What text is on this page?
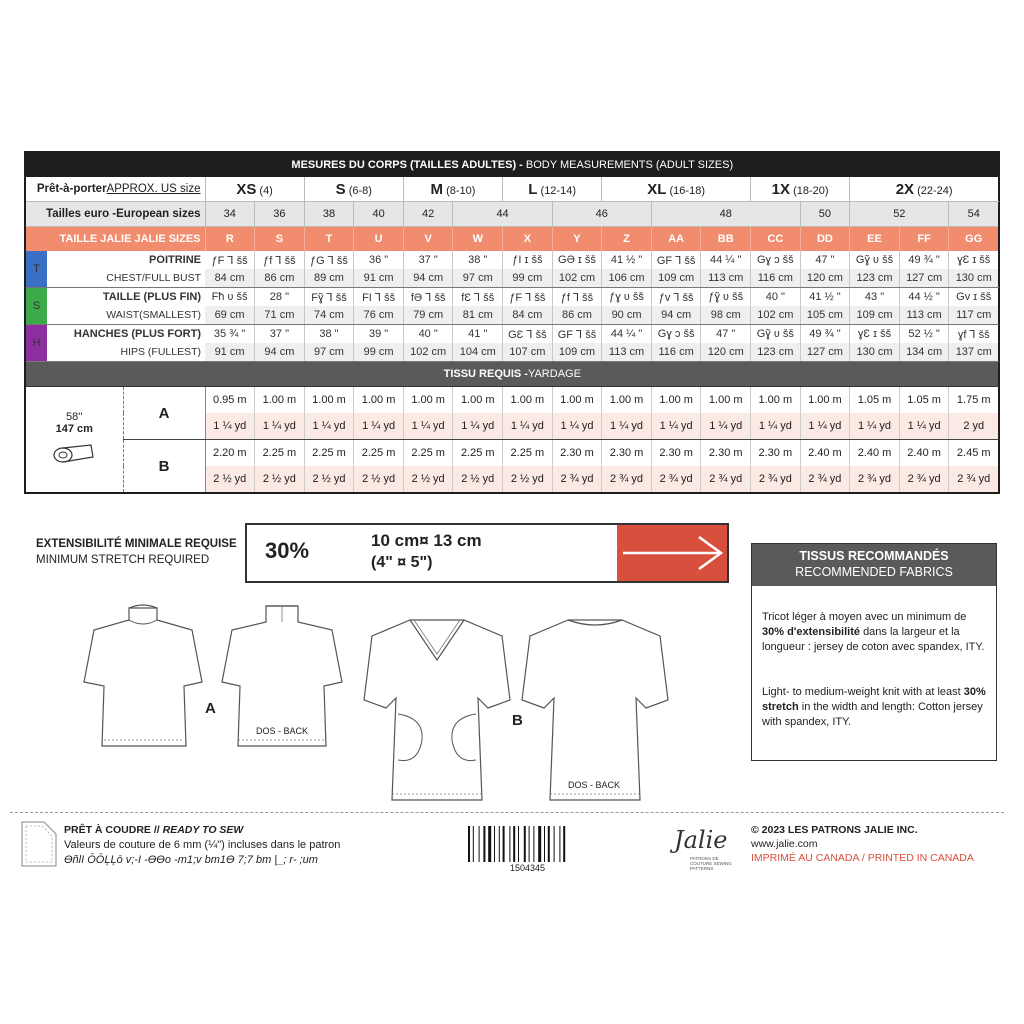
MESURES DU CORPS (TAILLES ADULTES) - BODY MEASUREMENTS (ADULT SIZES)																			
Prêt-à-porterAPPROX. US size			XS (4)		S (6-8)		M (8-10)		L (12-14)		XL (16-18)			1X (18-20)		2X (22-24)			
Tailles euro -European sizes			34	36	38	40	42	44		46		48			50	52		54	
TAILLE JALIE JALIE SIZES			R	S	T	U	V	W	X	Y	Z	AA	BB	CC	DD	EE	FF	GG	
T	POITRINE		ƒF ⅂ šš	ƒf ⅂ šš	ƒG ⅂ šš	36 "	37 "	38 "	ƒI ɪ šš	GƏ ɪ šš	41 ½ "	GF ⅂ šš	44 ¼ "	Gɣ ɔ šš	47 "	Gɣ̃ ʋ šš	49 ¾ "	ɣƐ ɪ šš	
	CHEST/FULL BUST		84 cm	86 cm	89 cm	91 cm	94 cm	97 cm	99 cm	102 cm	106 cm	109 cm	113 cm	116 cm	120 cm	123 cm	127 cm	130 cm	
S	TAILLE (PLUS FIN)		Fħ ʋ šš	28 "	Fɣ̃ ⅂ šš	FI ⅂ šš	fƏ ⅂ šš	fƐ ⅂ šš	ƒF ⅂ šš	ƒf ⅂ šš	ƒɣ ʋ šš	ƒv ⅂ šš	ƒɣ̃ ʋ šš	40 "	41 ½ "	43 "	44 ½ "	Gv ɪ šš	
	WAIST(SMALLEST)		69 cm	71 cm	74 cm	76 cm	79 cm	81 cm	84 cm	86 cm	90 cm	94 cm	98 cm	102 cm	105 cm	109 cm	113 cm	117 cm	
H	HANCHES (PLUS FORT)		35 ¾ "	37 "	38 "	39 "	40 "	41 "	GƐ ⅂ šš	GF ⅂ šš	44 ¼ "	Gɣ ɔ šš	47 "	Gɣ̃ ʋ šš	49 ¾ "	ɣƐ ɪ šš	52 ½ "	ɣf ⅂ šš	
	HIPS (FULLEST)		91 cm	94 cm	97 cm	99 cm	102 cm	104 cm	107 cm	109 cm	113 cm	116 cm	120 cm	123 cm	127 cm	130 cm	134 cm	137 cm	
TISSU REQUIS -YARDAGE																			

58''
147 cm		A	0.95 m	1.00 m	1.00 m	1.00 m	1.00 m	1.00 m	1.00 m	1.00 m	1.00 m	1.00 m	1.00 m	1.00 m	1.00 m	1.05 m	1.05 m	1.75 m	
			1 ¼ yd	1 ¼ yd	1 ¼ yd	1 ¼ yd	1 ¼ yd	1 ¼ yd	1 ¼ yd	1 ¼ yd	1 ¼ yd	1 ¼ yd	1 ¼ yd	1 ¼ yd	1 ¼ yd	1 ¼ yd	1 ¼ yd	2 yd	
		B	2.20 m	2.25 m	2.25 m	2.25 m	2.25 m	2.25 m	2.25 m	2.30 m	2.30 m	2.30 m	2.30 m	2.30 m	2.40 m	2.40 m	2.40 m	2.45 m	
			2 ½ yd	2 ½ yd	2 ½ yd	2 ½ yd	2 ½ yd	2 ½ yd	2 ½ yd	2 ¾ yd	2 ¾ yd	2 ¾ yd	2 ¾ yd	2 ¾ yd	2 ¾ yd	2 ¾ yd	2 ¾ yd	2 ¾ yd	
EXTENSIBILITÉ MINIMALE REQUISE
MINIMUM STRETCH REQUIRED	30%	10 cm¤ 13 cm
(4" ¤ 5")	TISSUS RECOMMANDÉS
RECOMMENDED FABRICS
Tricot léger à moyen avec un minimum de 30% d'extensibilité dans la largeur et la longueur : jersey de coton avec spandex, ITY.
Light- to medium-weight knit with at least 30% stretch in the width and length: Cotton jersey with spandex, ITY.
A
DOS - BACK
B
DOS - BACK
PRÊT À COUDRE // READY TO SEW
Valeurs de couture de 6 mm (¼") incluses dans le patron
ƟñlI ŌŌĻĻō v;-I -ƟƟo -m1;v bm1Ɵ 7;7 bm |_; r- ;um
1504345
Jalie
PATRONS DE COUTURE SEWING PATTERNS
© 2023 LES PATRONS JALIE INC.
www.jalie.com
IMPRIMÉ AU CANADA / PRINTED IN CANADA
